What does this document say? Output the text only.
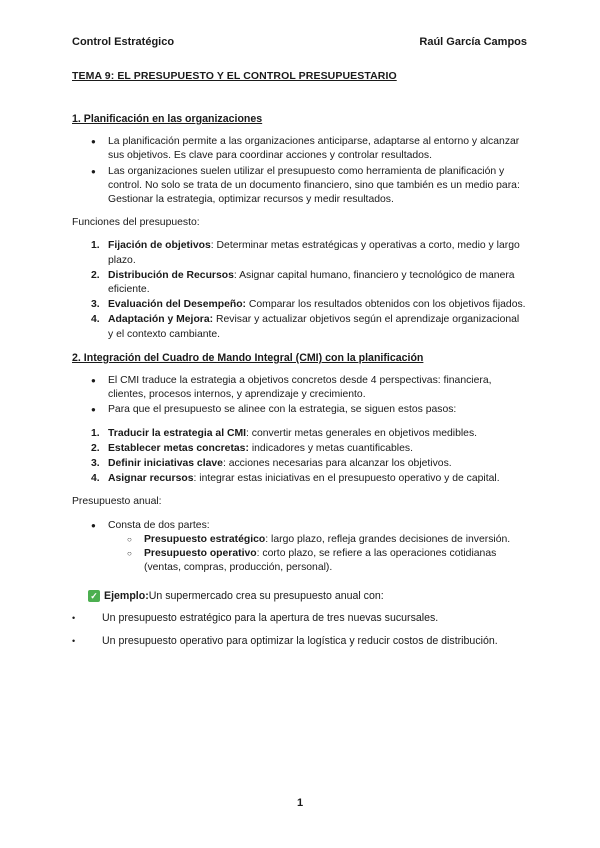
Control Estratégico	Raúl García Campos
TEMA 9: EL PRESUPUESTO Y EL CONTROL PRESUPUESTARIO
1. Planificación en las organizaciones
● La planificación permite a las organizaciones anticiparse, adaptarse al entorno y alcanzar sus objetivos. Es clave para coordinar acciones y controlar resultados.
● Las organizaciones suelen utilizar el presupuesto como herramienta de planificación y control. No solo se trata de un documento financiero, sino que también es un medio para: Gestionar la estrategia, optimizar recursos y medir resultados.
Funciones del presupuesto:
1. Fijación de objetivos: Determinar metas estratégicas y operativas a corto, medio y largo plazo.
2. Distribución de Recursos: Asignar capital humano, financiero y tecnológico de manera eficiente.
3. Evaluación del Desempeño: Comparar los resultados obtenidos con los objetivos fijados.
4. Adaptación y Mejora: Revisar y actualizar objetivos según el aprendizaje organizacional y el contexto cambiante.
2. Integración del Cuadro de Mando Integral (CMI) con la planificación
● El CMI traduce la estrategia a objetivos concretos desde 4 perspectivas: financiera, clientes, procesos internos, y aprendizaje y crecimiento.
● Para que el presupuesto se alinee con la estrategia, se siguen estos pasos:
1. Traducir la estrategia al CMI: convertir metas generales en objetivos medibles.
2. Establecer metas concretas: indicadores y metas cuantificables.
3. Definir iniciativas clave: acciones necesarias para alcanzar los objetivos.
4. Asignar recursos: integrar estas iniciativas en el presupuesto operativo y de capital.
Presupuesto anual:
● Consta de dos partes:
○ Presupuesto estratégico: largo plazo, refleja grandes decisiones de inversión.
○ Presupuesto operativo: corto plazo, se refiere a las operaciones cotidianas (ventas, compras, producción, personal).
✓ Ejemplo: Un supermercado crea su presupuesto anual con:
• Un presupuesto estratégico para la apertura de tres nuevas sucursales.
• Un presupuesto operativo para optimizar la logística y reducir costos de distribución.
1
